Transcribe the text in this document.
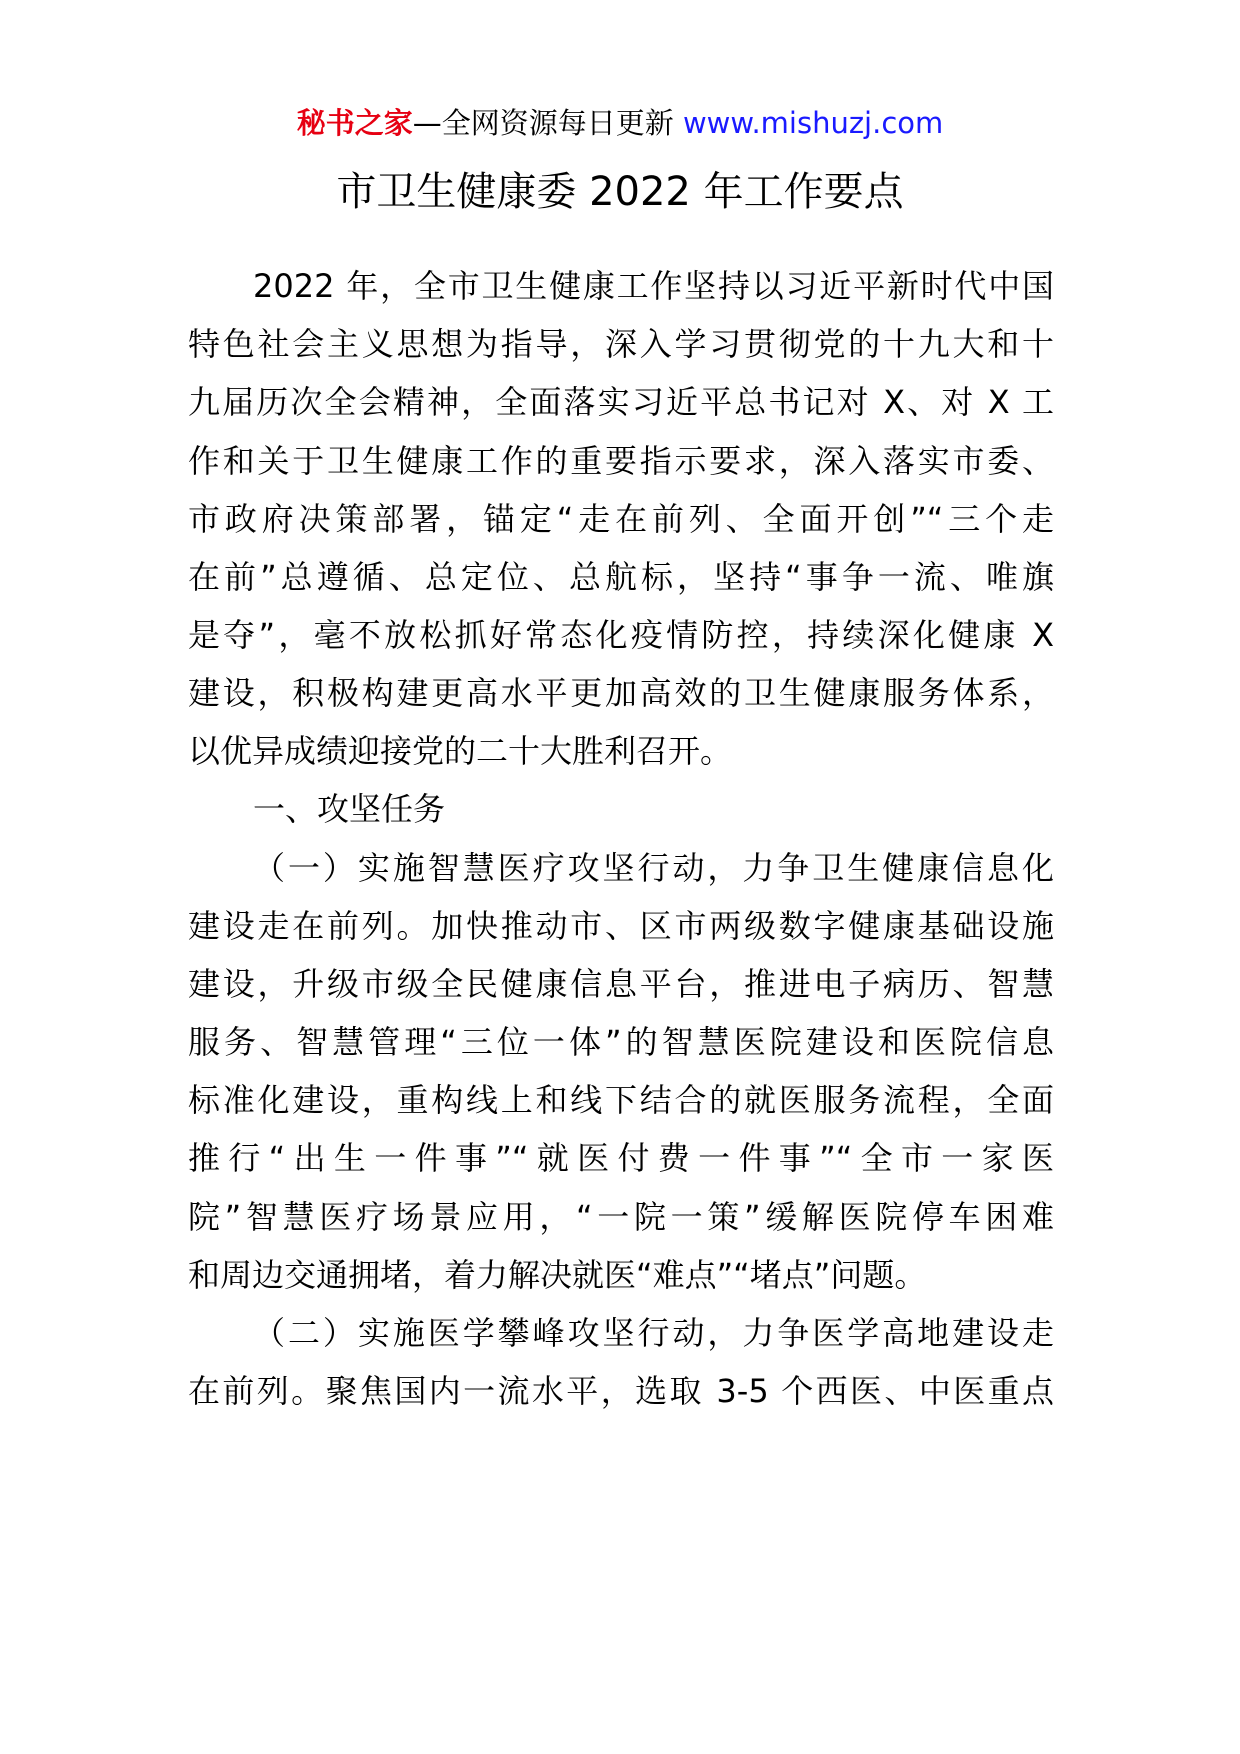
秘书之家—全网资源每日更新 www.mishuzj.com
市卫生健康委 2022 年工作要点
2022 年，全市卫生健康工作坚持以习近平新时代中国
特色社会主义思想为指导，深入学习贯彻党的十九大和十
九届历次全会精神，全面落实习近平总书记对 X、对 X 工
作和关于卫生健康工作的重要指示要求，深入落实市委、
市政府决策部署，锚定“走在前列、全面开创”“三个走
在前”总遵循、总定位、总航标，坚持“事争一流、唯旗
是夺”，毫不放松抓好常态化疫情防控，持续深化健康 X
建设，积极构建更高水平更加高效的卫生健康服务体系，
以优异成绩迎接党的二十大胜利召开。
一、攻坚任务
（一）实施智慧医疗攻坚行动，力争卫生健康信息化
建设走在前列。加快推动市、区市两级数字健康基础设施
建设，升级市级全民健康信息平台，推进电子病历、智慧
服务、智慧管理“三位一体”的智慧医院建设和医院信息
标准化建设，重构线上和线下结合的就医服务流程，全面
推行“出生一件事”“就医付费一件事”“全市一家医
院”智慧医疗场景应用，“一院一策”缓解医院停车困难
和周边交通拥堵，着力解决就医“难点”“堵点”问题。
（二）实施医学攀峰攻坚行动，力争医学高地建设走
在前列。聚焦国内一流水平，选取 3-5 个西医、中医重点
